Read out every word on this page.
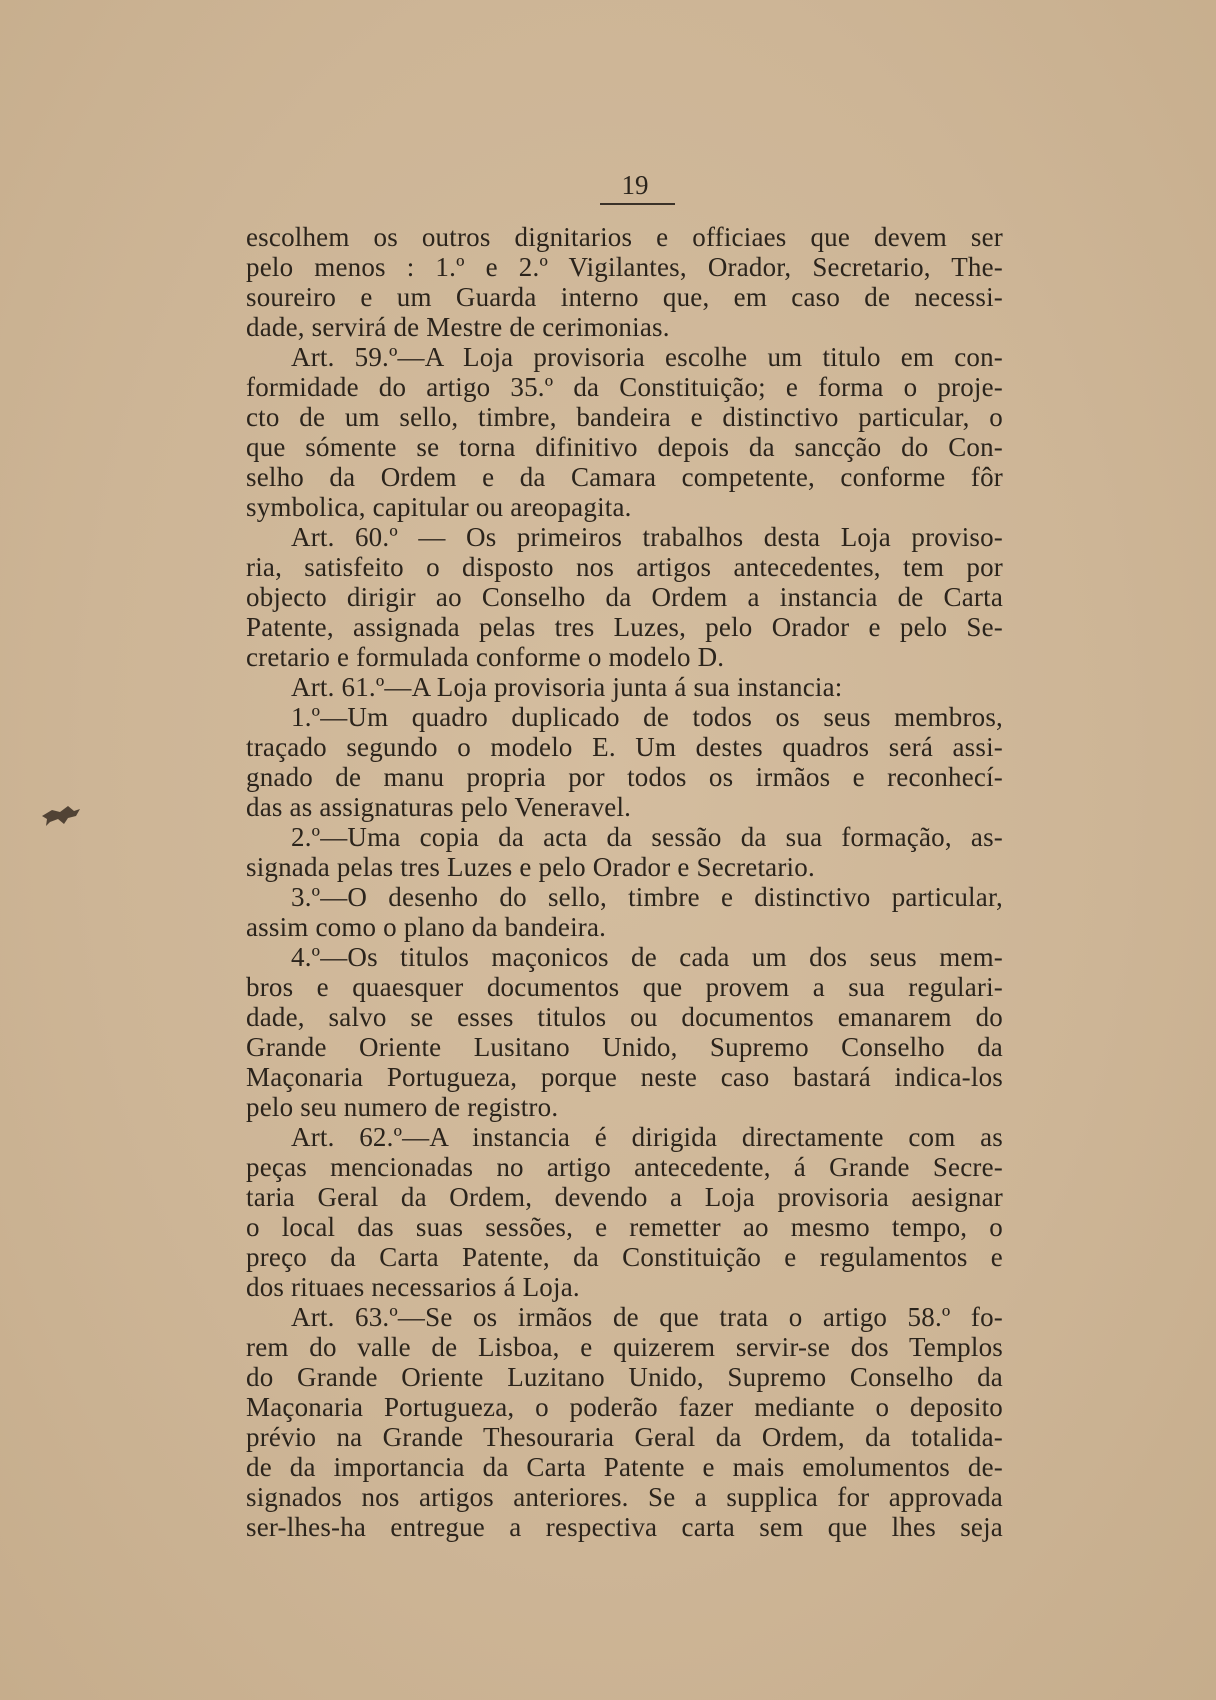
19
escolhem os outros dignitarios e officiaes que devem ser
pelo menos : 1.º e 2.º Vigilantes, Orador, Secretario, The-
soureiro e um Guarda interno que, em caso de necessi-
dade, servirá de Mestre de cerimonias.
Art. 59.º—A Loja provisoria escolhe um titulo em con-
formidade do artigo 35.º da Constituição; e forma o proje-
cto de um sello, timbre, bandeira e distinctivo particular, o
que sómente se torna difinitivo depois da sancção do Con-
selho da Ordem e da Camara competente, conforme fôr
symbolica, capitular ou areopagita.
Art. 60.º — Os primeiros trabalhos desta Loja proviso-
ria, satisfeito o disposto nos artigos antecedentes, tem por
objecto dirigir ao Conselho da Ordem a instancia de Carta
Patente, assignada pelas tres Luzes, pelo Orador e pelo Se-
cretario e formulada conforme o modelo D.
Art. 61.º—A Loja provisoria junta á sua instancia:
1.º—Um quadro duplicado de todos os seus membros,
traçado segundo o modelo E. Um destes quadros será assi-
gnado de manu propria por todos os irmãos e reconhecí-
das as assignaturas pelo Veneravel.
2.º—Uma copia da acta da sessão da sua formação, as-
signada pelas tres Luzes e pelo Orador e Secretario.
3.º—O desenho do sello, timbre e distinctivo particular,
assim como o plano da bandeira.
4.º—Os titulos maçonicos de cada um dos seus mem-
bros e quaesquer documentos que provem a sua regulari-
dade, salvo se esses titulos ou documentos emanarem do
Grande Oriente Lusitano Unido, Supremo Conselho da
Maçonaria Portugueza, porque neste caso bastará indica-los
pelo seu numero de registro.
Art. 62.º—A instancia é dirigida directamente com as
peças mencionadas no artigo antecedente, á Grande Secre-
taria Geral da Ordem, devendo a Loja provisoria aesignar
o local das suas sessões, e remetter ao mesmo tempo, o
preço da Carta Patente, da Constituição e regulamentos e
dos rituaes necessarios á Loja.
Art. 63.º—Se os irmãos de que trata o artigo 58.º fo-
rem do valle de Lisboa, e quizerem servir-se dos Templos
do Grande Oriente Luzitano Unido, Supremo Conselho da
Maçonaria Portugueza, o poderão fazer mediante o deposito
prévio na Grande Thesouraria Geral da Ordem, da totalida-
de da importancia da Carta Patente e mais emolumentos de-
signados nos artigos anteriores. Se a supplica for approvada
ser-lhes-ha entregue a respectiva carta sem que lhes seja
